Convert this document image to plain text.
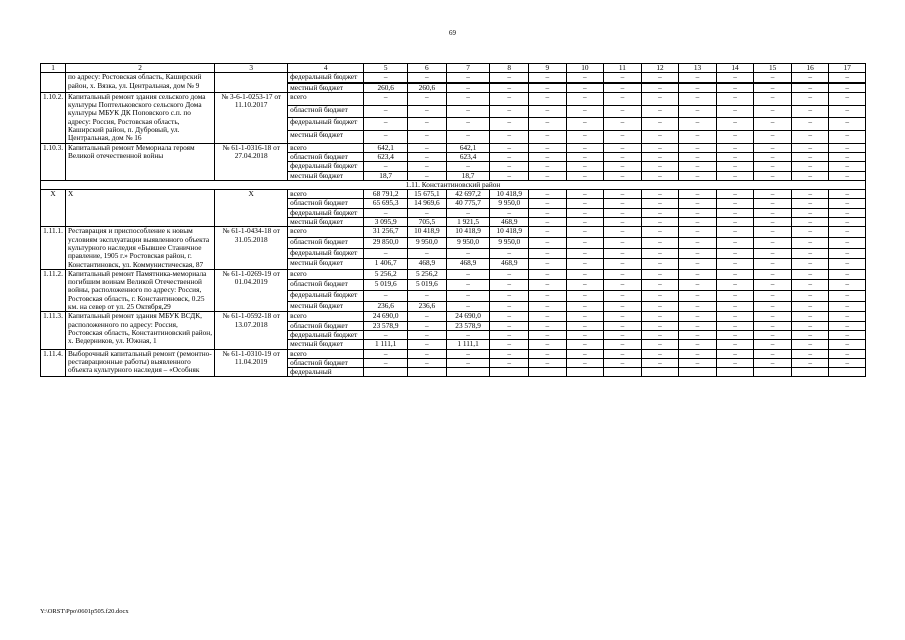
69
1	2	3	4	5	6	7	8	9	10	11	12	13	14	15	16	17
	по адресу: Ростовская область, Каширский район, х. Вязка, ул. Центральная, дом № 9		федеральный бюджет	–	–	–	–	–	–	–	–	–	–	–	–	–

			местный бюджет	260,6	260,6	–	–	–	–	–	–	–	–	–	–	–
1.10.2.	Капитальный ремонт здания сельского дома культуры Поптельковского сельского Дома культуры МБУК ДК Поповского с.п. по адресу: Россия, Ростовская область, Каширский район, п. Дубровый, ул. Центральная, дом № 16	№ 3-6-1-0253-17 от 11.10.2017	всего	–	–	–	–	–	–	–	–	–	–	–	–	–
			областной бюджет	–	–	–	–	–	–	–	–	–	–	–	–	–
			федеральный бюджет	–	–	–	–	–	–	–	–	–	–	–	–	–
			местный бюджет	–	–	–	–	–	–	–	–	–	–	–	–	–
1.10.3.	Капитальный ремонт Мемориала героям Великой отечественной войны	№ 61-1-0316-18 от 27.04.2018	всего	642,1	–	642,1	–	–	–	–	–	–	–	–	–	–
			областной бюджет	623,4	–	623,4	–	–	–	–	–	–	–	–	–	–
			федеральный бюджет	–	–	–	–	–	–	–	–	–	–	–	–	–
			местный бюджет	18,7	–	18,7	–	–	–	–	–	–	–	–	–	–
1.11. Константиновский район																
Х	Х	Х	всего	68 791,2	15 675,1	42 697,2	10 418,9	–	–	–	–	–	–	–	–	–
			областной бюджет	65 695,3	14 969,6	40 775,7	9 950,0	–	–	–	–	–	–	–	–	–
			федеральный бюджет	–	–	–	–	–	–	–	–	–	–	–	–	–
			местный бюджет	3 095,9	705,5	1 921,5	468,9	–	–	–	–	–	–	–	–	–
1.11.1.	Реставрация и приспособление к новым условиям эксплуатации выявленного объекта культурного наследия «Бывшее Станичное правление, 1905 г.» Ростовская район, г. Константиновск, ул. Коммунистическая, 87	№ 61-1-0434-18 от 31.05.2018	всего	31 256,7	10 418,9	10 418,9	10 418,9	–	–	–	–	–	–	–	–	–
			областной бюджет	29 850,0	9 950,0	9 950,0	9 950,0	–	–	–	–	–	–	–	–	–
			федеральный бюджет	–	–	–	–	–	–	–	–	–	–	–	–	–
			местный бюджет	1 406,7	468,9	468,9	468,9	–	–	–	–	–	–	–	–	–
1.11.2.	Капитальный ремонт Памятника-мемориала погибшим воинам Великой Отечественной войны, расположенного по адресу: Россия, Ростовская область, г. Константиновск, 0.25 км. на север от ул. 25 Октября,29	№ 61-1-0269-19 от 01.04.2019	всего	5 256,2	5 256,2	–	–	–	–	–	–	–	–	–	–	–
			областной бюджет	5 019,6	5 019,6	–	–	–	–	–	–	–	–	–	–	–
			федеральный бюджет	–	–	–	–	–	–	–	–	–	–	–	–	–
			местный бюджет	236,6	236,6	–	–	–	–	–	–	–	–	–	–	–
1.11.3.	Капитальный ремонт здания МБУК ВСДК, расположенного по адресу: Россия, Ростовская область, Константиновский район, х. Ведерников, ул. Южная, 1	№ 61-1-0592-18 от 13.07.2018	всего	24 690,0	–	24 690,0	–	–	–	–	–	–	–	–	–	–
			областной бюджет	23 578,9	–	23 578,9	–	–	–	–	–	–	–	–	–	–
			федеральный бюджет	–	–	–	–	–	–	–	–	–	–	–	–	–
			местный бюджет	1 111,1	–	1 111,1	–	–	–	–	–	–	–	–	–	–
1.11.4.	Выборочный капитальный ремонт (ремонтно-реставрационные работы) выявленного объекта культурного наследия – «Особняк	№ 61-1-0310-19 от 11.04.2019	всего	–	–	–	–	–	–	–	–	–	–	–	–	–
			областной бюджет	–	–	–	–	–	–	–	–	–	–	–	–	–
			федеральный													
Y:\ORST\Ppo\0601p505.f20.docx
